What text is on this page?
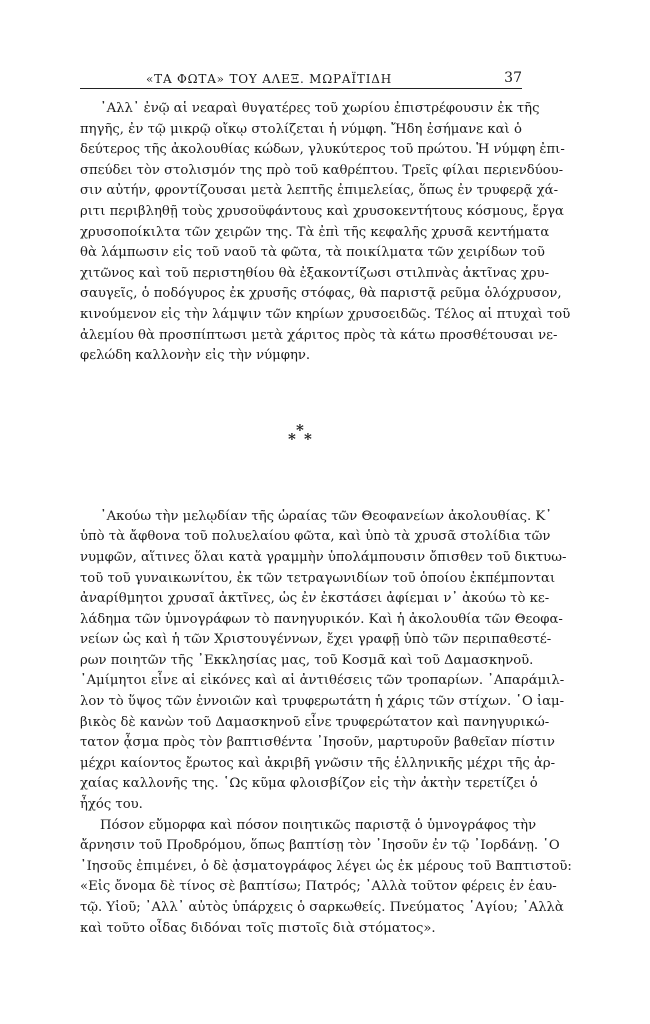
«ΤΑ ΦΩΤΑ» ΤΟΥ ΑΛΕΞ. ΜΩΡΑΪΤΙΔΗ	37

᾿Αλλ᾽ ἐνῷ αἱ νεαραὶ θυγατέρες τοῦ χωρίου ἐπιστρέφουσιν ἐκ τῆς
πηγῆς, ἐν τῷ μικρῷ οἴκῳ στολίζεται ἡ νύμφη. Ἤδη ἐσήμανε καὶ ὁ
δεύτερος τῆς ἀκολουθίας κώδων, γλυκύτερος τοῦ πρώτου. Ἡ νύμφη ἐπι-
σπεύδει τὸν στολισμόν της πρὸ τοῦ καθρέπτου. Τρεῖς φίλαι περιενδύου-
σιν αὐτήν, φροντίζουσαι μετὰ λεπτῆς ἐπιμελείας, ὅπως ἐν τρυφερᾷ χά-
ριτι περιβληθῇ τοὺς χρυσοϋφάντους καὶ χρυσοκεντήτους κόσμους, ἔργα
χρυσοποίκιλτα τῶν χειρῶν της. Τὰ ἐπὶ τῆς κεφαλῆς χρυσᾶ κεντήματα
θὰ λάμπωσιν εἰς τοῦ ναοῦ τὰ φῶτα, τὰ ποικίλματα τῶν χειρίδων τοῦ
χιτῶνος καὶ τοῦ περιστηθίου θὰ ἐξακοντίζωσι στιλπνὰς ἀκτῖνας χρυ-
σαυγεῖς, ὁ ποδόγυρος ἐκ χρυσῆς στόφας, θὰ παριστᾷ ρεῦμα ὁλόχρυσον,
κινούμενον εἰς τὴν λάμψιν τῶν κηρίων χρυσοειδῶς. Τέλος αἱ πτυχαὶ τοῦ
ἀλεμίου θὰ προσπίπτωσι μετὰ χάριτος πρὸς τὰ κάτω προσθέτουσαι νε-
φελώδη καλλονὴν εἰς τὴν νύμφην.

*
* *

᾿Ακούω τὴν μελῳδίαν τῆς ὡραίας τῶν Θεοφανείων ἀκολουθίας. Κ᾽
ὑπὸ τὰ ἄφθονα τοῦ πολυελαίου φῶτα, καὶ ὑπὸ τὰ χρυσᾶ στολίδια τῶν
νυμφῶν, αἵτινες ὅλαι κατὰ γραμμὴν ὑπολάμπουσιν ὄπισθεν τοῦ δικτυω-
τοῦ τοῦ γυναικωνίτου, ἐκ τῶν τετραγωνιδίων τοῦ ὁποίου ἐκπέμπονται
ἀναρίθμητοι χρυσαῖ ἀκτῖνες, ὡς ἐν ἐκστάσει ἀφίεμαι ν᾽ ἀκούω τὸ κε-
λάδημα τῶν ὑμνογράφων τὸ πανηγυρικόν. Καὶ ἡ ἀκολουθία τῶν Θεοφα-
νείων ὡς καὶ ἡ τῶν Χριστουγέννων, ἔχει γραφῇ ὑπὸ τῶν περιπαθεστέ-
ρων ποιητῶν τῆς ᾿Εκκλησίας μας, τοῦ Κοσμᾶ καὶ τοῦ Δαμασκηνοῦ.
᾿Αμίμητοι εἶνε αἱ εἰκόνες καὶ αἱ ἀντιθέσεις τῶν τροπαρίων. ᾿Απαράμιλ-
λον τὸ ὕψος τῶν ἐννοιῶν καὶ τρυφερωτάτη ἡ χάρις τῶν στίχων. ῾Ο ἰαμ-
βικὸς δὲ κανὼν τοῦ Δαμασκηνοῦ εἶνε τρυφερώτατον καὶ πανηγυρικώ-
τατον ᾆσμα πρὸς τὸν βαπτισθέντα ᾿Ιησοῦν, μαρτυροῦν βαθεῖαν πίστιν
μέχρι καίοντος ἔρωτος καὶ ἀκριβῆ γνῶσιν τῆς ἑλληνικῆς μέχρι τῆς ἀρ-
χαίας καλλονῆς της. ῾Ως κῦμα φλοισβίζον εἰς τὴν ἀκτὴν τερετίζει ὁ
ἦχός του.

Πόσον εὔμορφα καὶ πόσον ποιητικῶς παριστᾷ ὁ ὑμνογράφος τὴν
ἄρνησιν τοῦ Προδρόμου, ὅπως βαπτίσῃ τὸν ᾿Ιησοῦν ἐν τῷ ᾿Ιορδάνῃ. ῾Ο
᾿Ιησοῦς ἐπιμένει, ὁ δὲ ᾀσματογράφος λέγει ὡς ἐκ μέρους τοῦ Βαπτιστοῦ:
«Εἰς ὄνομα δὲ τίνος σὲ βαπτίσω; Πατρός; ᾿Αλλὰ τοῦτον φέρεις ἐν ἑαυ-
τῷ. Υἱοῦ; ᾿Αλλ᾽ αὐτὸς ὑπάρχεις ὁ σαρκωθείς. Πνεύματος ῾Αγίου; ᾿Αλλὰ
καὶ τοῦτο οἶδας διδόναι τοῖς πιστοῖς διὰ στόματος».
